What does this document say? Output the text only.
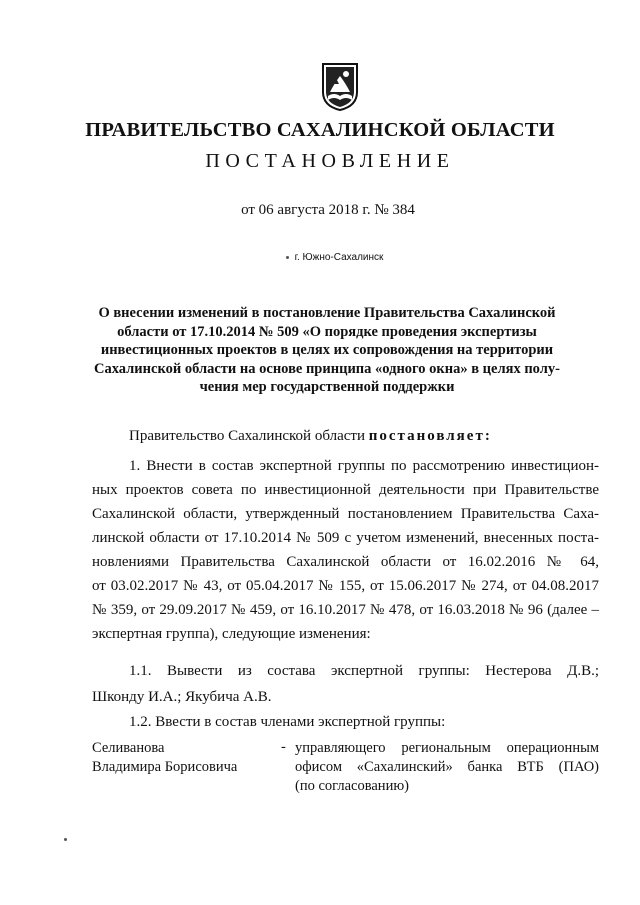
ПРАВИТЕЛЬСТВО САХАЛИНСКОЙ ОБЛАСТИ
ПОСТАНОВЛЕНИЕ
от 06 августа 2018 г. № 384
г. Южно-Сахалинск
О внесении изменений в постановление Правительства Сахалинской
области от 17.10.2014 № 509 «О порядке проведения экспертизы
инвестиционных проектов в целях их сопровождения на территории
Сахалинской области на основе принципа «одного окна» в целях полу-
чения мер государственной поддержки
Правительство Сахалинской области постановляет:
1. Внести в состав экспертной группы по рассмотрению инвестицион-
ных проектов совета по инвестиционной деятельности при Правительстве
Сахалинской области, утвержденный постановлением Правительства Саха-
линской области от 17.10.2014 № 509 с учетом изменений, внесенных поста-
новлениями Правительства Сахалинской области от 16.02.2016 № 64,
от 03.02.2017 № 43, от 05.04.2017 № 155, от 15.06.2017 № 274, от 04.08.2017
№ 359, от 29.09.2017 № 459, от 16.10.2017 № 478, от 16.03.2018 № 96 (далее –
экспертная группа), следующие изменения:
1.1. Вывести из состава экспертной группы: Нестерова Д.В.;
Шконду И.А.; Якубича А.В.
1.2. Ввести в состав членами экспертной группы:
Селиванова
Владимира Борисовича
- управляющего региональным операционным
офисом «Сахалинский» банка ВТБ (ПАО)
(по согласованию)
